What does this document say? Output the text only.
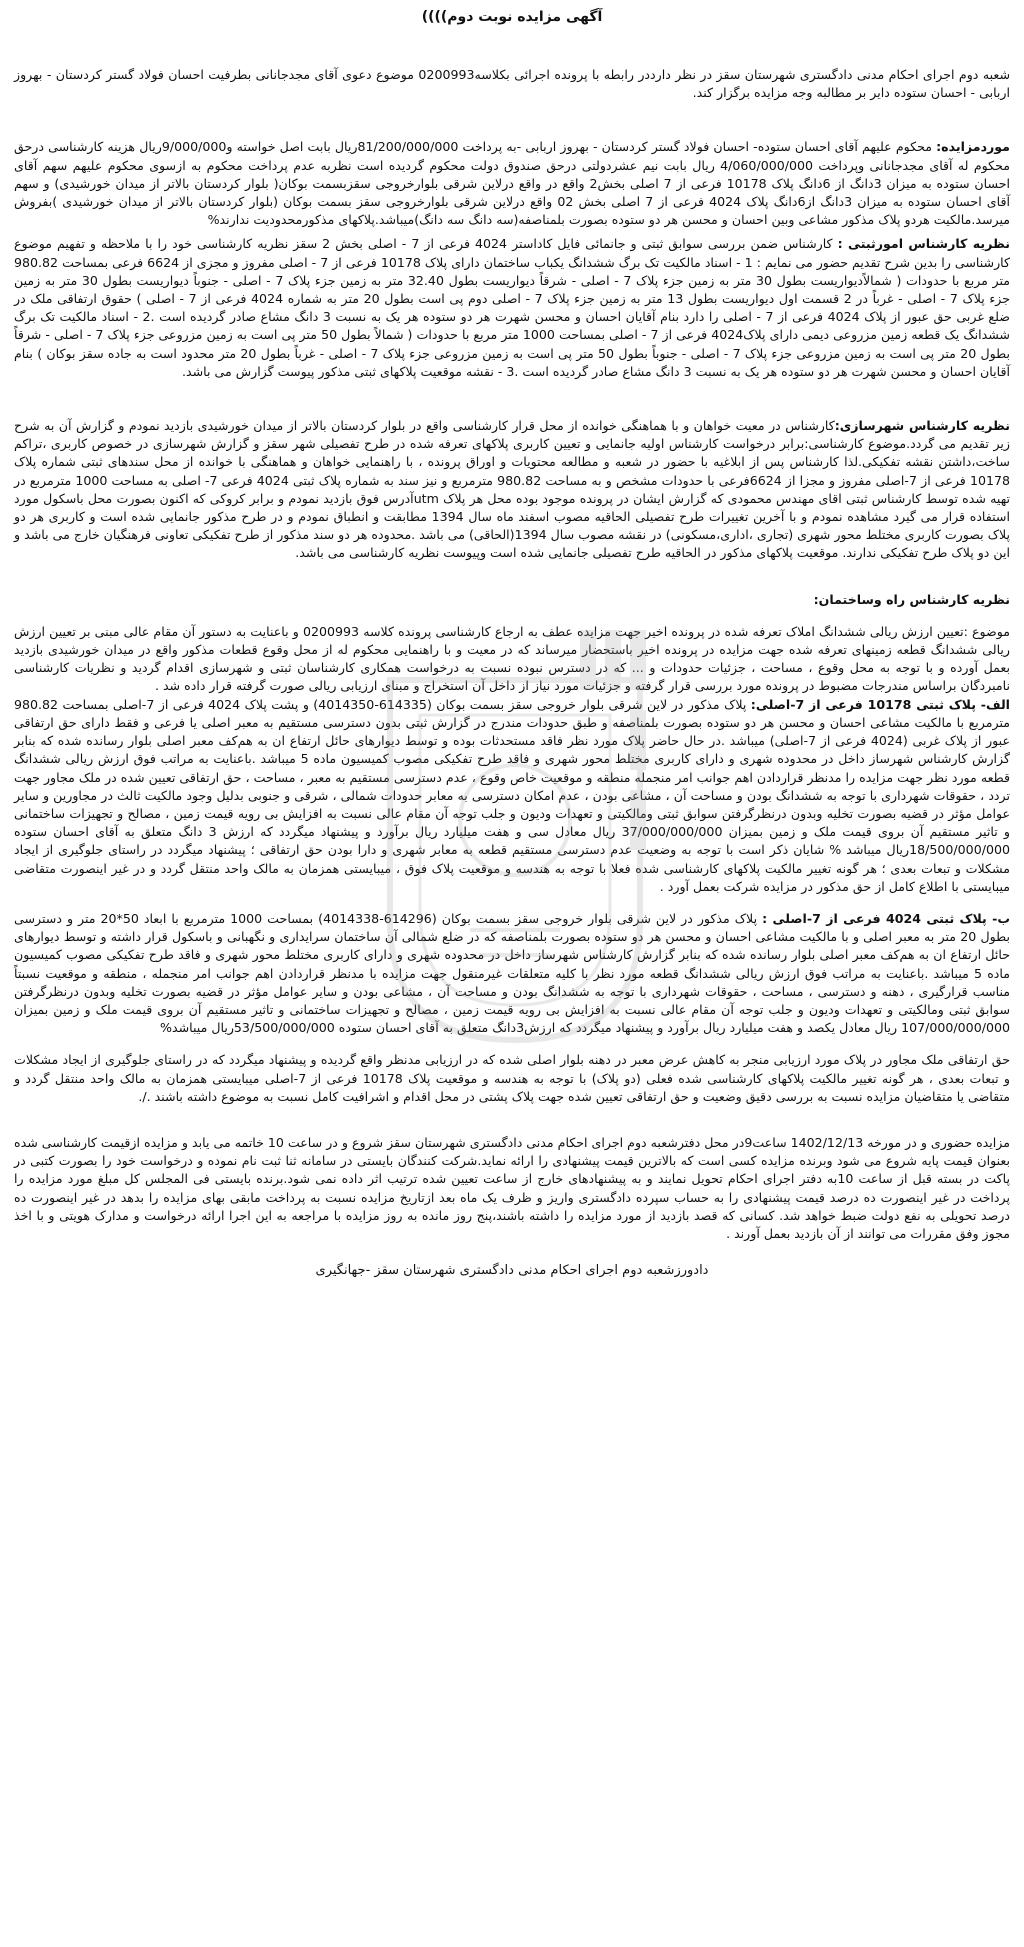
آگهی مزایده نوبت دوم))))

شعبه دوم اجرای احکام مدنی دادگستری شهرستان سقز در نظر دارددر رابطه با پرونده اجرائی بکلاسه0200993 موضوع دعوی آقای مجدجانانی بطرفیت احسان فولاد گستر کردستان - بهروز اربابی - احسان ستوده دایر بر مطالبه وجه مزایده برگزار کند.

موردمزایده: محکوم علیهم آقای احسان ستوده- احسان فولاد گستر کردستان - بهروز اربابی -به پرداخت 81/200/000/000ریال بابت اصل خواسته و9/000/000ریال هزینه کارشناسی درحق محکوم له آقای مجدجانانی وپرداخت 4/060/000/000 ریال بابت نیم عشردولتی درحق صندوق دولت محکوم گردیده است نظربه عدم پرداخت محکوم به ازسوی محکوم علیهم سهم آقای احسان ستوده به میزان 3دانگ از 6دانگ پلاک 10178 فرعی از 7 اصلی بخش2 واقع در واقع درلاین شرقی بلوارخروجی سقزبسمت بوکان( بلوار کردستان بالاتر از میدان خورشیدی) و سهم آقای احسان ستوده به میزان 3دانگ از6دانگ پلاک 4024 فرعی از 7 اصلی بخش 02 واقع درلاین شرقی بلوارخروجی سقز بسمت بوکان (بلوار کردستان بالاتر از میدان خورشیدی )بفروش میرسد.مالکیت هردو پلاک مذکور مشاعی وبین احسان و محسن هر دو ستوده بصورت بلمناصفه(سه دانگ سه دانگ)میباشد.پلاکهای مذکورمحدودیت ندارند%

نظریه کارشناس امورثبتی : کارشناس ضمن بررسی سوابق ثبتی و جانمائی فایل کاداستر 4024 فرعی از 7 - اصلی بخش 2 سقز نظریه کارشناسی خود را با ملاحظه و تفهیم موضوع کارشناسی را بدین شرح تقدیم حضور می نمایم : 1 - اسناد مالکیت تک برگ ششدانگ یکباب ساختمان دارای پلاک 10178 فرعی از 7 - اصلی مفروز و مجزی از 6624 فرعی بمساحت 980.82 متر مربع با حدودات ( شمالاًدیواریست بطول 30 متر به زمین جزء پلاک 7 - اصلی - شرقاً دیواریست بطول 32.40 متر به زمین جزء پلاک 7 - اصلی - جنوباً دیواریست بطول 30 متر به زمین جزء پلاک 7 - اصلی - غرباً در 2 قسمت اول دیواریست بطول 13 متر به زمین جزء پلاک 7 - اصلی دوم پی است بطول 20 متر به شماره 4024 فرعی از 7 - اصلی ) حقوق ارتفاقی ملک در ضلع غربی حق عبور از پلاک 4024 فرعی از 7 - اصلی را دارد بنام آقایان احسان و محسن شهرت هر دو ستوده هر یک به نسبت 3 دانگ مشاع صادر گردیده است .2 - اسناد مالکیت تک برگ ششدانگ یک قطعه زمین مزروعی دیمی دارای پلاک4024 فرعی از 7 - اصلی بمساحت 1000 متر مربع با حدودات ( شمالاً بطول 50 متر پی است به زمین مزروعی جزء پلاک 7 - اصلی - شرقاً بطول 20 متر پی است به زمین مزروعی جزء پلاک 7 - اصلی - جنوباً بطول 50 متر پی است به زمین مزروعی جزء پلاک 7 - اصلی - غرباً بطول 20 متر محدود است به جاده سقز بوکان ) بنام آقایان احسان و محسن شهرت هر دو ستوده هر یک به نسبت 3 دانگ مشاع صادر گردیده است .3 - نقشه موقعیت پلاکهای ثبتی مذکور پیوست گزارش می باشد.

نظریه کارشناس شهرسازی:کارشناس در معیت خواهان و با هماهنگی خوانده از محل قرار کارشناسی واقع در بلوار کردستان بالاتر از میدان خورشیدی بازدید نمودم و گزارش آن به شرح زیر تقدیم می گردد.موضوع کارشناسی:برابر درخواست کارشناس اولیه جانمایی و تعیین کاربری پلاکهای تعرفه شده در طرح تفصیلی شهر سقز و گزارش شهرسازی در خصوص کاربری ،تراکم ساخت،داشتن نقشه تفکیکی.لذا کارشناس پس از ابلاغیه با حضور در شعبه و مطالعه محتویات و اوراق پرونده ، با راهنمایی خواهان و هماهنگی با خوانده از محل سندهای ثبتی شماره پلاک 10178 فرعی از 7-اصلی مفروز و مجزا از 6624فرعی با حدودات مشخص و به مساحت 980.82 مترمربع و نیز سند به شماره پلاک ثبتی 4024 فرعی 7- اصلی به مساحت 1000 مترمربع در تهیه شده توسط کارشناس ثبتی اقای مهندس محمودی که گزارش ایشان در پرونده موجود بوده محل هر پلاک utmآدرس فوق بازدید نمودم و برابر کروکی که اکنون بصورت محل باسکول مورد استفاده قرار می گیرد مشاهده نمودم و با آخرین تغییرات طرح تفصیلی الحاقیه مصوب اسفند ماه سال 1394 مطابقت و انطباق نمودم و در طرح مذکور جانمایی شده است و کاربری هر دو پلاک بصورت کاربری مختلط محور شهری (تجاری ،اداری،مسکونی) در نقشه مصوب سال 1394(الحاقی) می باشد .محدوده هر دو سند مذکور از طرح تفکیکی تعاونی فرهنگیان خارج می باشد و این دو پلاک طرح تفکیکی ندارند. موقعیت پلاکهای مذکور در الحاقیه طرح تفصیلی جانمایی شده است وپیوست نظریه کارشناسی می باشد.

نظریه کارشناس راه وساختمان:

موضوع :تعیین ارزش ریالی ششدانگ املاک تعرفه شده در پرونده اخیر جهت مزایده عطف به ارجاع کارشناسی پرونده کلاسه 0200993 و باعنایت به دستور آن مقام عالی مبنی بر تعیین ارزش ریالی ششدانگ قطعه زمینهای تعرفه شده جهت مزایده در پرونده اخیر باستحضار میرساند که در معیت و با راهنمایی محکوم له از محل وقوع قطعات مذکور واقع در میدان خورشیدی بازدید بعمل آورده و با توجه به محل وقوع ، مساحت ، جزئیات حدودات و ... که در دسترس نبوده نسبت به درخواست همکاری کارشناسان ثبتی و شهرسازی اقدام گردید و نظریات کارشناسی نامبردگان براساس مندرجات مضبوط در پرونده مورد بررسی قرار گرفته و جزئیات مورد نیاز از داخل آن استخراج و مبنای ارزیابی ریالی صورت گرفته قرار داده شد .

الف- پلاک ثبتی 10178 فرعی از 7-اصلی: پلاک مذکور در لاین شرقی بلوار خروجی سقز بسمت بوکان (614335-4014350) و پشت پلاک 4024 فرعی از 7-اصلی بمساحت 980.82 مترمربع با مالکیت مشاعی احسان و محسن هر دو ستوده بصورت بلمناصفه و طبق حدودات مندرج در گزارش ثبتی بدون دسترسی مستقیم به معبر اصلی یا فرعی و فقط دارای حق ارتفاقی عبور از پلاک غربی (4024 فرعی از 7-اصلی) میباشد .در حال حاضر پلاک مورد نظر فاقد مستحدثات بوده و توسط دیوارهای حائل ارتفاع ان به هم‌کف معبر اصلی بلوار رسانده شده که بنابر گزارش کارشناس شهرساز داخل در محدوده شهری و دارای کاربری مختلط محور شهری و فاقد طرح تفکیکی مصوب کمیسیون ماده 5 میباشد .باعنایت به مراتب فوق ارزش ریالی ششدانگ قطعه مورد نظر جهت مزایده را مدنظر قراردادن اهم جوانب امر منجمله منطقه و موقعیت خاص وقوع ، عدم دسترسی مستقیم به معبر ، مساحت ، حق ارتفاقی تعیین شده در ملک مجاور جهت تردد ، حقوقات شهرداری با توجه به ششدانگ بودن و مساحت آن ، مشاعی بودن ، عدم امکان دسترسی به معابر حدودات شمالی ، شرقی و جنوبی بدلیل وجود مالکیت ثالث در مجاورین و سایر عوامل مؤثر در قضیه بصورت تخلیه وبدون درنظرگرفتن سوابق ثبتی ومالکیتی و تعهدات ودیون و جلب توجه آن مقام عالی نسبت به افزایش بی رویه قیمت زمین ، مصالح و تجهیزات ساختمانی و تاثیر مستقیم آن بروی قیمت ملک و زمین بمیزان 37/000/000/000 ریال معادل سی و هفت میلیارد ریال برآورد و پیشنهاد میگردد که ارزش 3 دانگ متعلق به آقای احسان ستوده 18/500/000/000ریال میباشد % شایان ذکر است با توجه به وضعیت عدم دسترسی مستقیم قطعه به معابر شهری و دارا بودن حق ارتفاقی ؛ پیشنهاد میگردد در راستای جلوگیری از ایجاد مشکلات و تبعات بعدی ؛ هر گونه تغییر مالکیت پلاکهای کارشناسی شده فعلا با توجه به هندسه و موقعیت پلاک فوق ، میبایستی همزمان به مالک واحد منتقل گردد و در غیر اینصورت متقاضی میبایستی با اطلاع کامل از حق مذکور در مزایده شرکت بعمل آورد .

ب- پلاک ثبتی 4024 فرعی از 7-اصلی : پلاک مذکور در لاین شرقی بلوار خروجی سقز بسمت بوکان (614296-4014338) بمساحت 1000 مترمربع با ابعاد 50*20 متر و دسترسی بطول 20 متر به معبر اصلی و با مالکیت مشاعی احسان و محسن هر دو ستوده بصورت بلمناصفه که در ضلع شمالی آن ساختمان سرایداری و نگهبانی و باسکول قرار داشته و توسط دیوارهای حائل ارتفاع ان به هم‌کف معبر اصلی بلوار رسانده شده که بنابر گزارش کارشناس شهرساز داخل در محدوده شهری و دارای کاربری مختلط محور شهری و فاقد طرح تفکیکی مصوب کمیسیون ماده 5 میباشد .باعنایت به مراتب فوق ارزش ریالی ششدانگ قطعه مورد نظر با کلیه متعلقات غیرمنقول جهت مزایده با مدنظر قراردادن اهم جوانب امر منجمله ، منطقه و موقعیت نسبتاً مناسب قرارگیری ، دهنه و دسترسی ، مساحت ، حقوقات شهرداری با توجه به ششدانگ بودن و مساحت آن ، مشاعی بودن و سایر عوامل مؤثر در قضیه بصورت تخلیه وبدون درنظرگرفتن سوابق ثبتی ومالکیتی و تعهدات ودیون و جلب توجه آن مقام عالی نسبت به افزایش بی رویه قیمت زمین ، مصالح و تجهیزات ساختمانی و تاثیر مستقیم آن بروی قیمت ملک و زمین بمیزان 107/000/000/000 ریال معادل یکصد و هفت میلیارد ریال برآورد و پیشنهاد میگردد که ارزش3دانگ متعلق به آقای احسان ستوده 53/500/000/000ریال میباشد%

حق ارتفاقی ملک مجاور در پلاک مورد ارزیابی منجر به کاهش عرض معبر در دهنه بلوار اصلی شده که در ارزیابی مدنظر واقع گردیده و پیشنهاد میگردد که در راستای جلوگیری از ایجاد مشکلات و تبعات بعدی ، هر گونه تغییر مالکیت پلاکهای کارشناسی شده فعلی (دو پلاک) با توجه به هندسه و موقعیت پلاک 10178 فرعی از 7-اصلی میبایستی همزمان به مالک واحد منتقل گردد و متقاضی یا متقاضیان مزایده نسبت به بررسی دقیق وضعیت و حق ارتفاقی تعیین شده جهت پلاک پشتی در محل اقدام و اشرافیت کامل نسبت به موضوع داشته باشند ./.

مزایده حضوری و در مورخه 1402/12/13 ساعت9در محل دفترشعبه دوم اجرای احکام مدنی دادگستری شهرستان سقز شروع و در ساعت 10 خاتمه می یابد و مزایده ازقیمت کارشناسی شده بعنوان قیمت پایه شروع می شود وبرنده مزایده کسی است که بالاترین قیمت پیشنهادی را ارائه نماید.شرکت کنندگان بایستی در سامانه ثنا ثبت نام نموده و درخواست خود را بصورت کتبی در پاکت در بسته قبل از ساعت 10به دفتر اجرای احکام تحویل نمایند و به پیشنهادهای خارج از ساعت تعیین شده ترتیب اثر داده نمی شود.برنده بایستی فی المجلس کل مبلغ مورد مزایده را پرداخت در غیر اینصورت ده درصد قیمت پیشنهادی را به حساب سپرده دادگستری واریز و ظرف یک ماه بعد ازتاریخ مزایده نسبت به پرداخت مابقی بهای مزایده را بدهد در غیر اینصورت ده درصد تحویلی به نفع دولت ضبط خواهد شد. کسانی که قصد بازدید از مورد مزایده را داشته باشند،پنج روز مانده به روز مزایده با مراجعه به این اجرا ارائه درخواست و مدارک هویتی و با اخذ مجوز وفق مقررات می توانند از آن بازدید بعمل آورند .

دادورزشعبه دوم اجرای احکام مدنی دادگستری شهرستان سقز -جهانگیری
